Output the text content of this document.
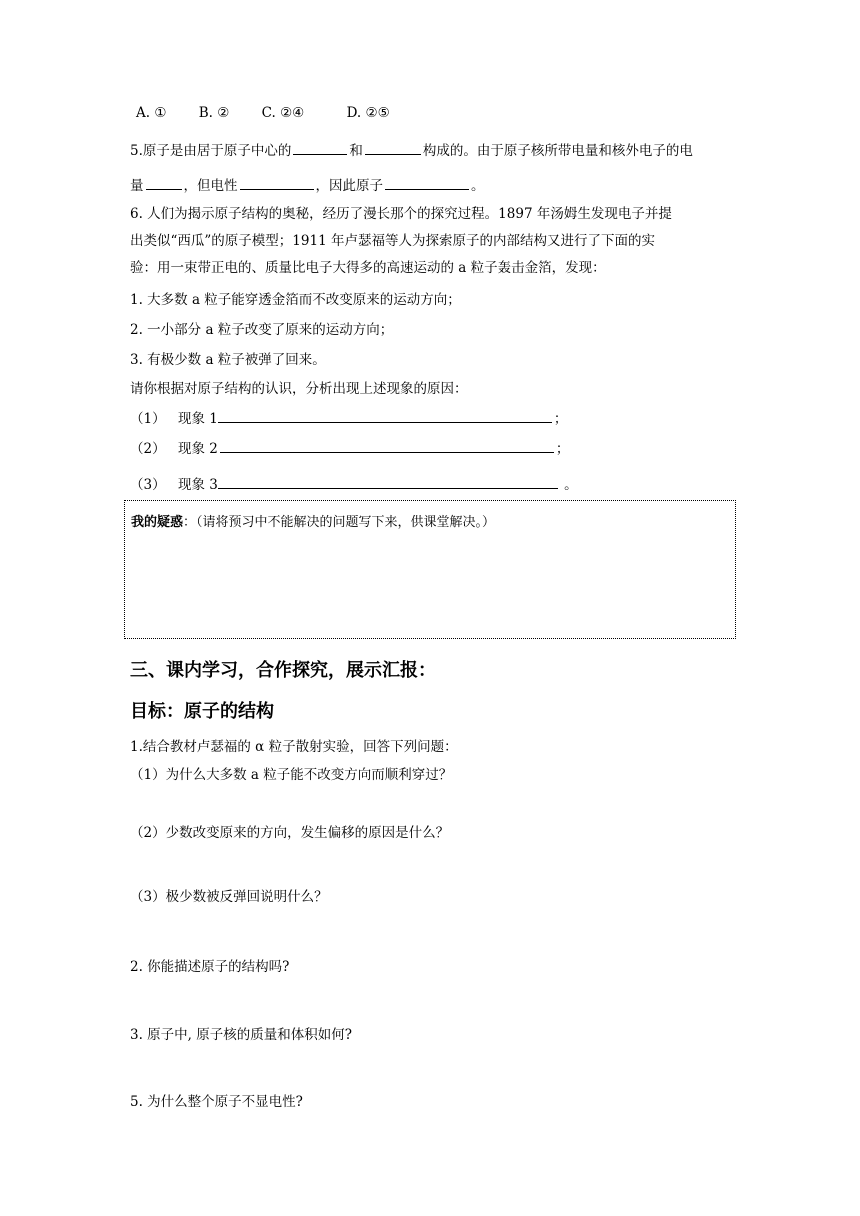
A. ① B. ② C. ②④	D. ②⑤
5.原子是由居于原子中心的	和	构成的。由于原子核所带电量和核外电子的电
量	，但电性	，因此原子	。
6. 人们为揭示原子结构的奥秘，经历了漫长那个的探究过程。1897 年汤姆生发现电子并提
出类似“西瓜”的原子模型；1911 年卢瑟福等人为探索原子的内部结构又进行了下面的实
验：用一束带正电的、质量比电子大得多的高速运动的 a 粒子轰击金箔，发现：
1. 大多数 a 粒子能穿透金箔而不改变原来的运动方向；
2. 一小部分 a 粒子改变了原来的运动方向；
3. 有极少数 a 粒子被弹了回来。
请你根据对原子结构的认识，分析出现上述现象的原因：
（1） 现象 1	；
（2） 现象 2	；
（3） 现象 3	。
我的疑惑：（请将预习中不能解决的问题写下来，供课堂解决。）
三、课内学习，合作探究，展示汇报：
目标：原子的结构
1.结合教材卢瑟福的 α 粒子散射实验，回答下列问题：
（1）为什么大多数 a 粒子能不改变方向而顺利穿过？
（2）少数改变原来的方向，发生偏移的原因是什么？
（3）极少数被反弹回说明什么？
2. 你能描述原子的结构吗?
3. 原子中, 原子核的质量和体积如何?
5. 为什么整个原子不显电性?
